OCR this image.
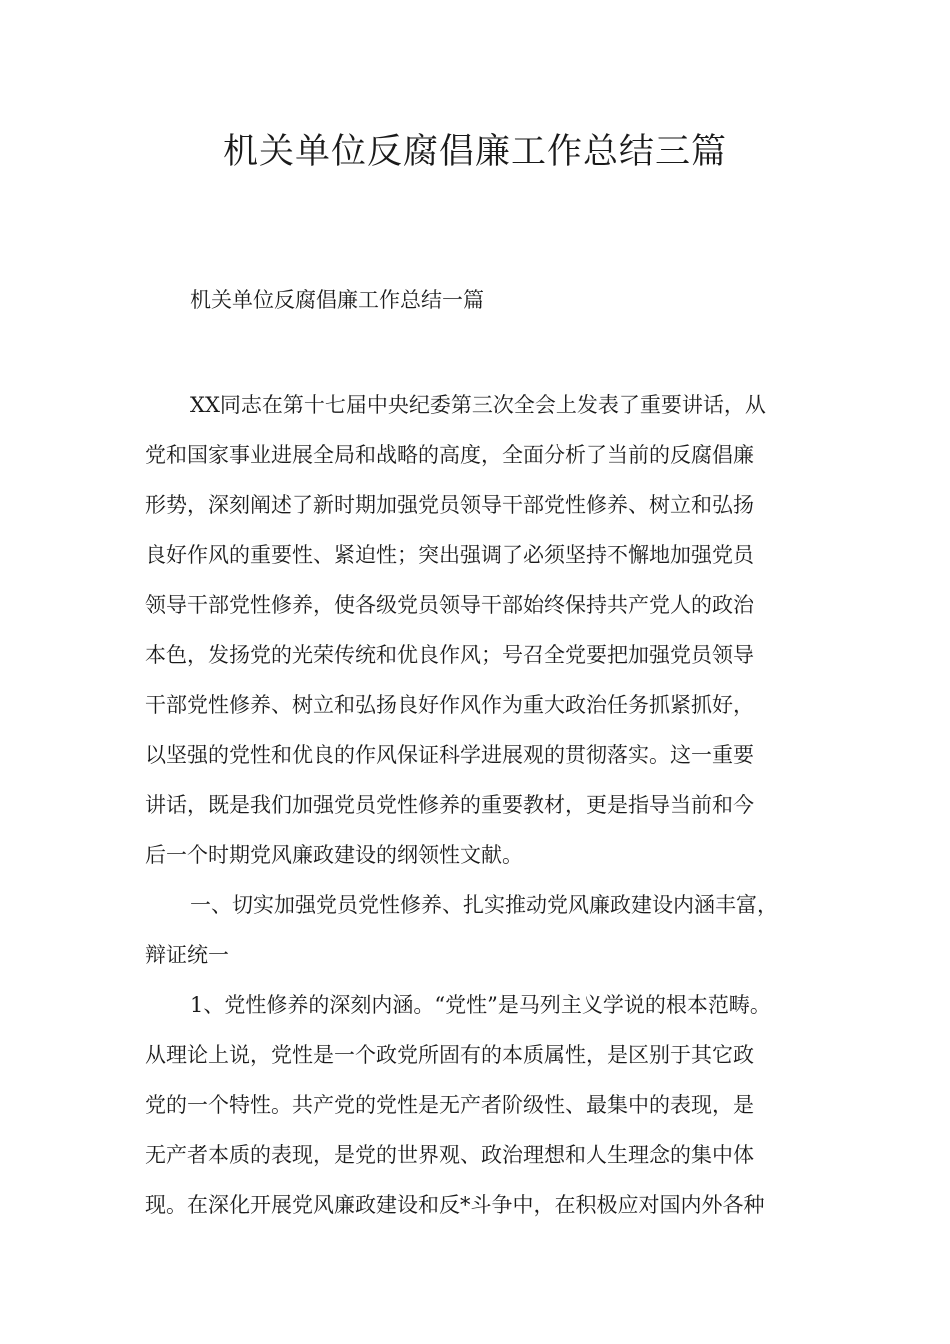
机关单位反腐倡廉工作总结三篇

机关单位反腐倡廉工作总结一篇

XX同志在第十七届中央纪委第三次全会上发表了重要讲话，从
党和国家事业进展全局和战略的高度，全面分析了当前的反腐倡廉
形势，深刻阐述了新时期加强党员领导干部党性修养、树立和弘扬
良好作风的重要性、紧迫性；突出强调了必须坚持不懈地加强党员
领导干部党性修养，使各级党员领导干部始终保持共产党人的政治
本色，发扬党的光荣传统和优良作风；号召全党要把加强党员领导
干部党性修养、树立和弘扬良好作风作为重大政治任务抓紧抓好，
以坚强的党性和优良的作风保证科学进展观的贯彻落实。这一重要
讲话，既是我们加强党员党性修养的重要教材，更是指导当前和今
后一个时期党风廉政建设的纲领性文献。
一、切实加强党员党性修养、扎实推动党风廉政建设内涵丰富，
辩证统一
1、党性修养的深刻内涵。“党性”是马列主义学说的根本范畴。
从理论上说，党性是一个政党所固有的本质属性，是区别于其它政
党的一个特性。共产党的党性是无产者阶级性、最集中的表现，是
无产者本质的表现，是党的世界观、政治理想和人生理念的集中体
现。在深化开展党风廉政建设和反*斗争中，在积极应对国内外各种
